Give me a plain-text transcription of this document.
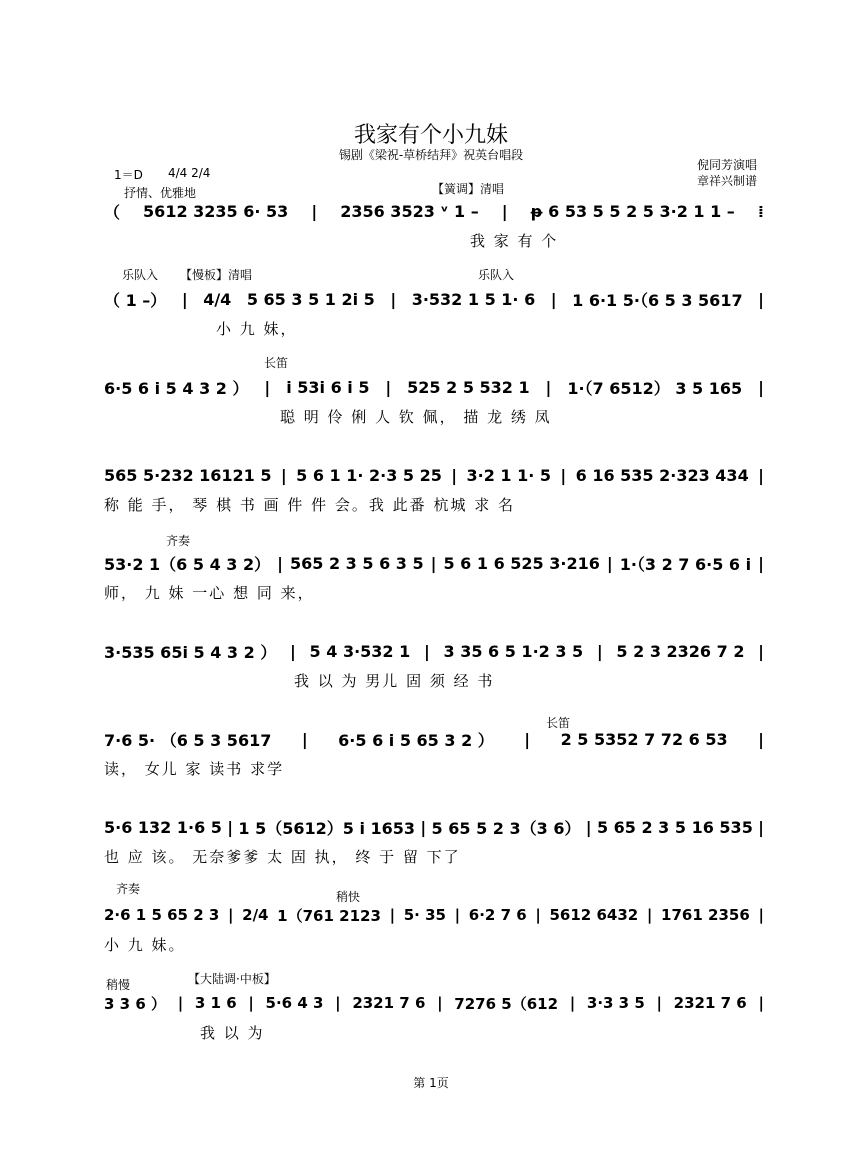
我家有个小九妹
锡剧《梁祝-草桥结拜》祝英台唱段
1＝D 4/4 2/4
抒情、优雅地
倪同芳演唱
章祥兴制谱
【簧调】清唱
（ 5612 3235 6· 53 | 2356 3523 ᵛ 1 – | ᵽ 6 53 5 5 2 5 3·2 1 1 – ⁞
我 家 有 个
乐队入 【慢板】清唱	乐队入
（ 1 –） | 4/4 5 65 3 5 1 2i 5 | 3·532 1 5 1· 6 | 1 6·1 5·（6 5 3 5617 |
小 九 妹，
长笛
6·5 6 i 5 4 3 2 ） | i 53i 6 i 5 | 525 2 5 532 1 | 1·（7 6512） 3 5 165 |
聪 明 伶 俐 人 钦 佩， 描 龙 绣 凤
565 5·232 16121 5 | 5 6 1 1· 2·3 5 25 | 3·2 1 1· 5 | 6 16 535 2·323 434 |
称 能 手， 琴 棋 书 画 件 件 会。我 此番 杭城 求 名
齐奏
53·2 1（6 5 4 3 2） | 565 2 3 5 6 3 5 | 5 6 1 6 525 3·216 | 1·（3 2 7 6·5 6 i |
师， 九 妹 一心 想 同 来，
3·535 65i 5 4 3 2 ） | 5 4 3·532 1 | 3 35 6 5 1·2 3 5 | 5 2 3 2326 7 2 |
我 以 为 男儿 固 须 经 书
长笛
7·6 5· （6 5 3 5617 | 6·5 6 i 5 65 3 2 ） | 2 5 5352 7 72 6 53 |
读， 女儿 家 读书 求学
5·6 132 1·6 5 | 1 5（5612）5 i 1653 | 5 65 5 2 3（3 6） | 5 65 2 3 5 16 535 |
也 应 该。 无奈爹爹 太 固 执， 终 于 留 下了
齐奏
稍快
2·6 1 5 65 2 3 | 2/4 1（761 2123 | 5· 35 | 6·2 7 6 | 5612 6432 | 1761 2356 |
小 九 妹。
稍慢	【大陆调·中板】
3 3 6 ） | 3 1 6 | 5·6 4 3 | 2321 7 6 | 7276 5（612 | 3·3 3 5 | 2321 7 6 |
我 以 为
第 1页
